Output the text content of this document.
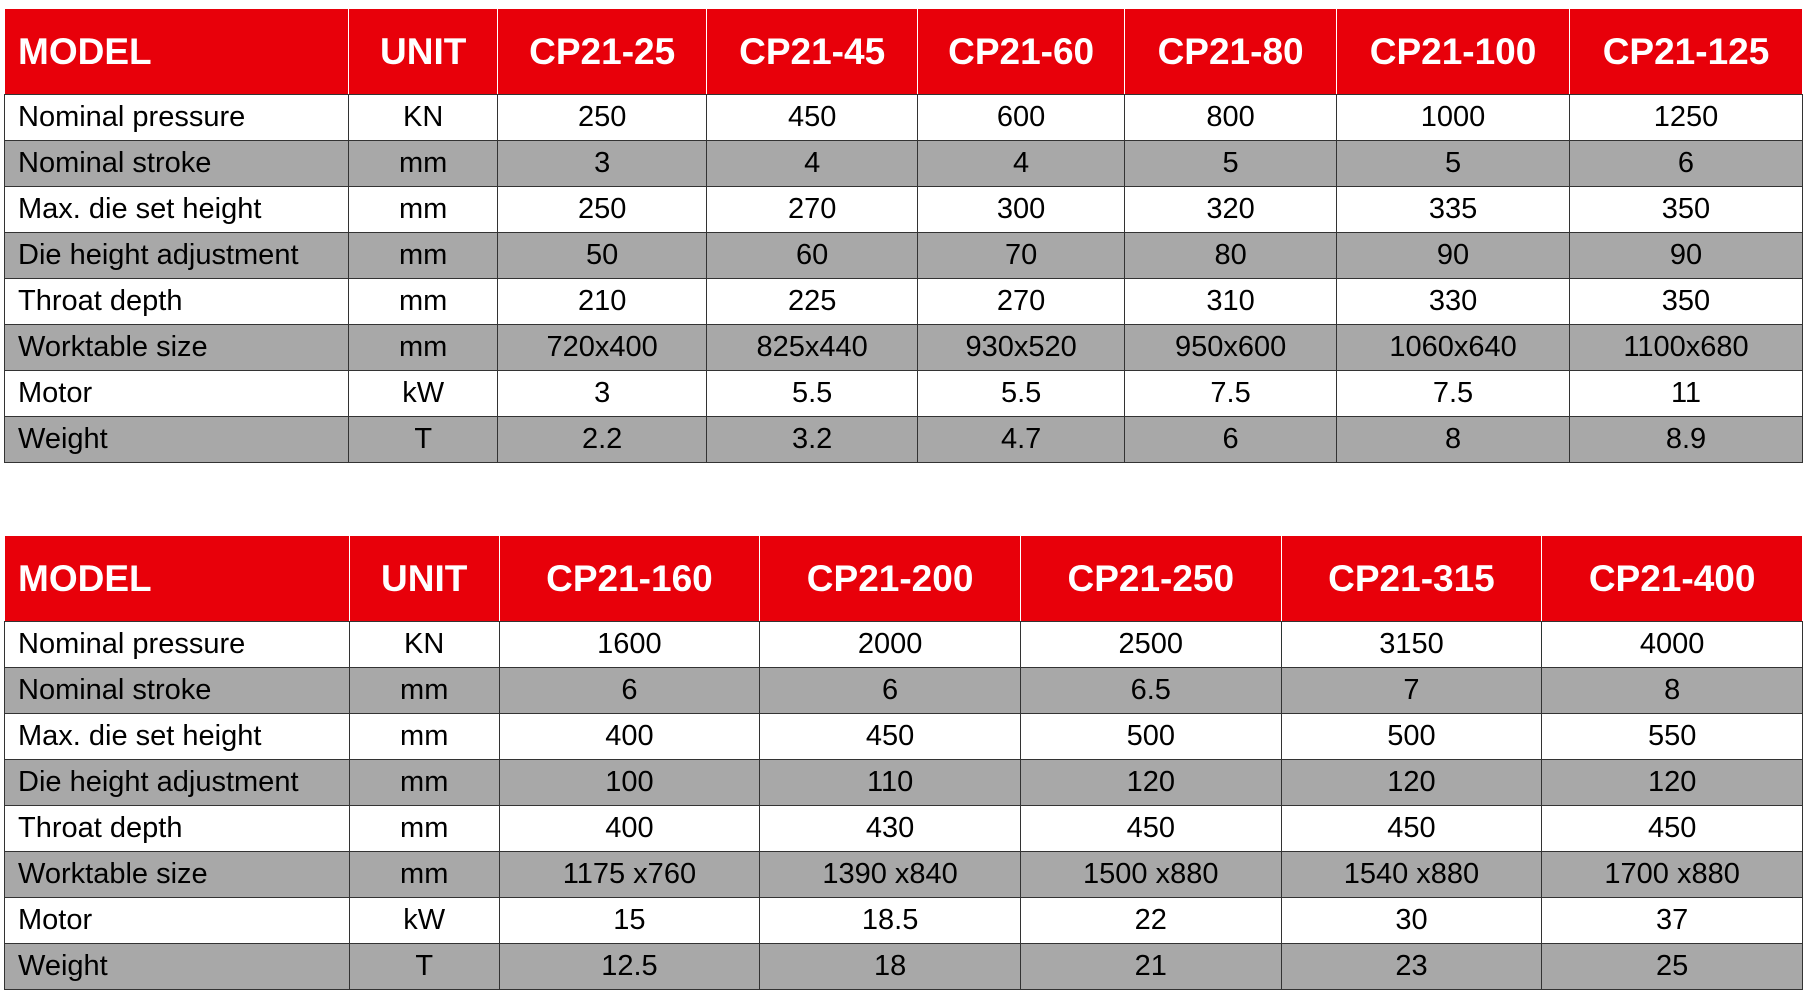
MODEL	UNIT	CP21-25	CP21-45	CP21-60	CP21-80	CP21-100	CP21-125
Nominal pressure	KN	250	450	600	800	1000	1250
Nominal stroke	mm	3	4	4	5	5	6
Max. die set height	mm	250	270	300	320	335	350
Die height adjustment	mm	50	60	70	80	90	90
Throat depth	mm	210	225	270	310	330	350
Worktable size	mm	720x400	825x440	930x520	950x600	1060x640	1100x680
Motor	kW	3	5.5	5.5	7.5	7.5	11
Weight	T	2.2	3.2	4.7	6	8	8.9
MODEL	UNIT	CP21-160	CP21-200	CP21-250	CP21-315	CP21-400
Nominal pressure	KN	1600	2000	2500	3150	4000
Nominal stroke	mm	6	6	6.5	7	8
Max. die set height	mm	400	450	500	500	550
Die height adjustment	mm	100	110	120	120	120
Throat depth	mm	400	430	450	450	450
Worktable size	mm	1175 x760	1390 x840	1500 x880	1540 x880	1700 x880
Motor	kW	15	18.5	22	30	37
Weight	T	12.5	18	21	23	25
